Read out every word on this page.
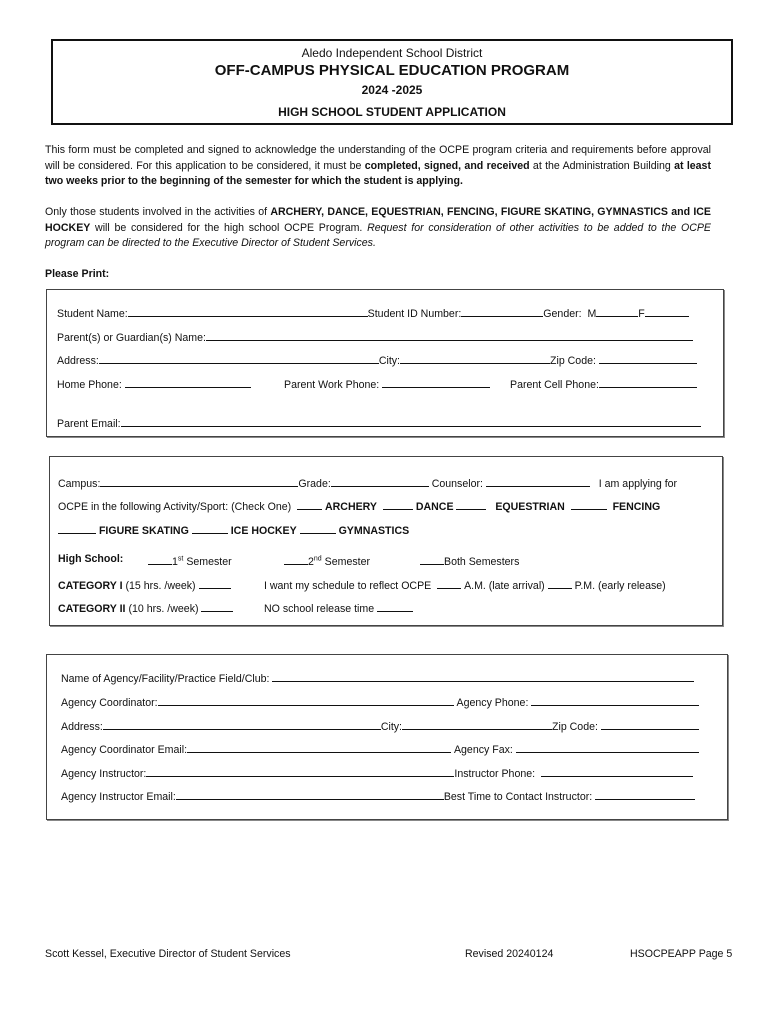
Aledo Independent School District
OFF-CAMPUS PHYSICAL EDUCATION PROGRAM
2024 -2025
HIGH SCHOOL STUDENT APPLICATION
This form must be completed and signed to acknowledge the understanding of the OCPE program criteria and requirements before approval will be considered. For this application to be considered, it must be completed, signed, and received at the Administration Building at least two weeks prior to the beginning of the semester for which the student is applying.
Only those students involved in the activities of ARCHERY, DANCE, EQUESTRIAN, FENCING, FIGURE SKATING, GYMNASTICS and ICE HOCKEY will be considered for the high school OCPE Program. Request for consideration of other activities to be added to the OCPE program can be directed to the Executive Director of Student Services.
Please Print:
Student Name:	Student ID Number:	Gender: M	F
Parent(s) or Guardian(s) Name:
Address:	City:	Zip Code:
Home Phone:	Parent Work Phone:	Parent Cell Phone:
Parent Email:
Campus:	Grade:	Counselor:	I am applying for
OCPE in the following Activity/Sport: (Check One)	ARCHERY	DANCE	EQUESTRIAN	FENCING
FIGURE SKATING	ICE HOCKEY	GYMNASTICS
High School:	1st Semester	2nd Semester	Both Semesters
CATEGORY I (15 hrs. /week)	I want my schedule to reflect OCPE	A.M. (late arrival)	P.M. (early release)
CATEGORY II (10 hrs. /week)	NO school release time
Name of Agency/Facility/Practice Field/Club:
Agency Coordinator:	Agency Phone:
Address:	City:	Zip Code:
Agency Coordinator Email:	Agency Fax:
Agency Instructor:	Instructor Phone:
Agency Instructor Email:	Best Time to Contact Instructor:
Scott Kessel, Executive Director of Student Services	Revised 20240124	HSOCPEAPP Page 5
